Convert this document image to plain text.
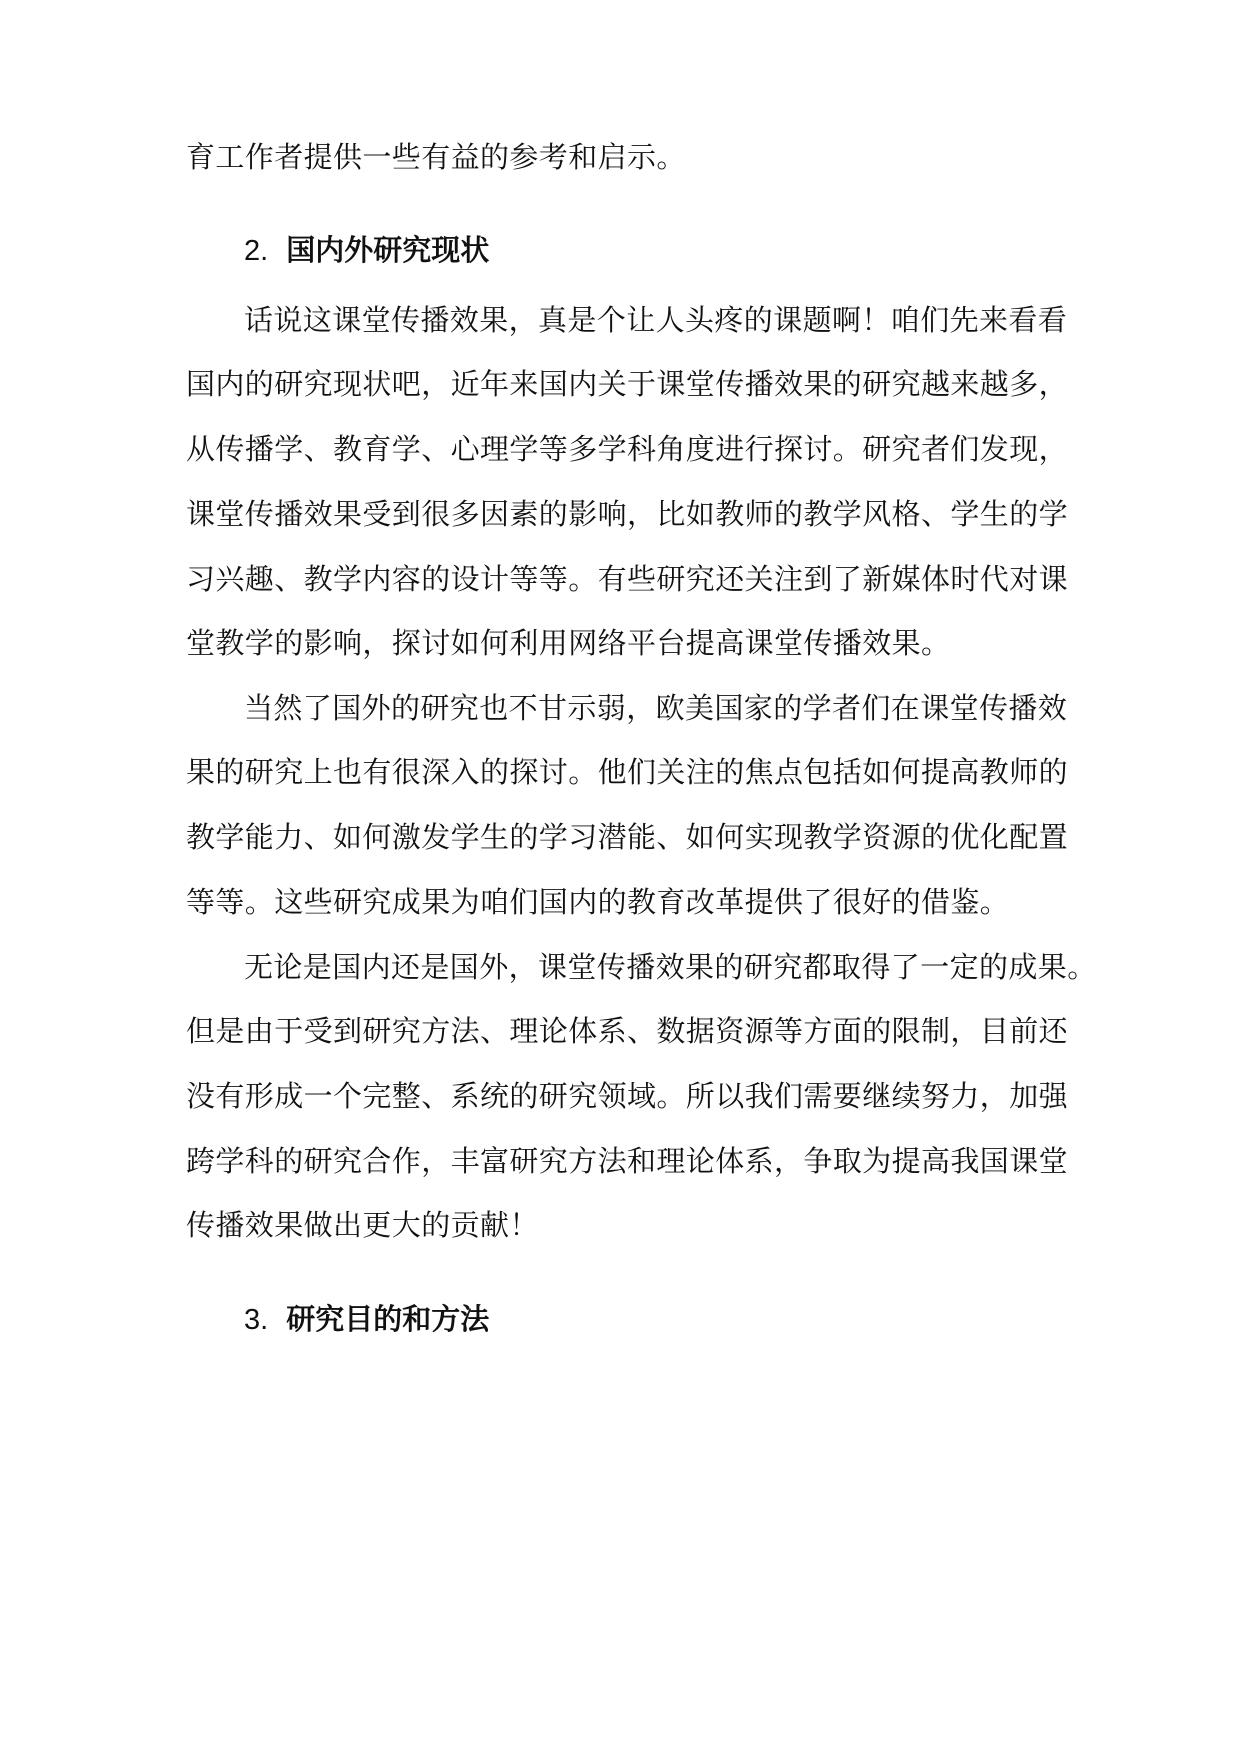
育工作者提供一些有益的参考和启示。
2. 国内外研究现状
话说这课堂传播效果，真是个让人头疼的课题啊！咱们先来看看
国内的研究现状吧，近年来国内关于课堂传播效果的研究越来越多，
从传播学、教育学、心理学等多学科角度进行探讨。研究者们发现，
课堂传播效果受到很多因素的影响，比如教师的教学风格、学生的学
习兴趣、教学内容的设计等等。有些研究还关注到了新媒体时代对课
堂教学的影响，探讨如何利用网络平台提高课堂传播效果。
当然了国外的研究也不甘示弱，欧美国家的学者们在课堂传播效
果的研究上也有很深入的探讨。他们关注的焦点包括如何提高教师的
教学能力、如何激发学生的学习潜能、如何实现教学资源的优化配置
等等。这些研究成果为咱们国内的教育改革提供了很好的借鉴。
无论是国内还是国外，课堂传播效果的研究都取得了一定的成果。
但是由于受到研究方法、理论体系、数据资源等方面的限制，目前还
没有形成一个完整、系统的研究领域。所以我们需要继续努力，加强
跨学科的研究合作，丰富研究方法和理论体系，争取为提高我国课堂
传播效果做出更大的贡献！
3. 研究目的和方法
